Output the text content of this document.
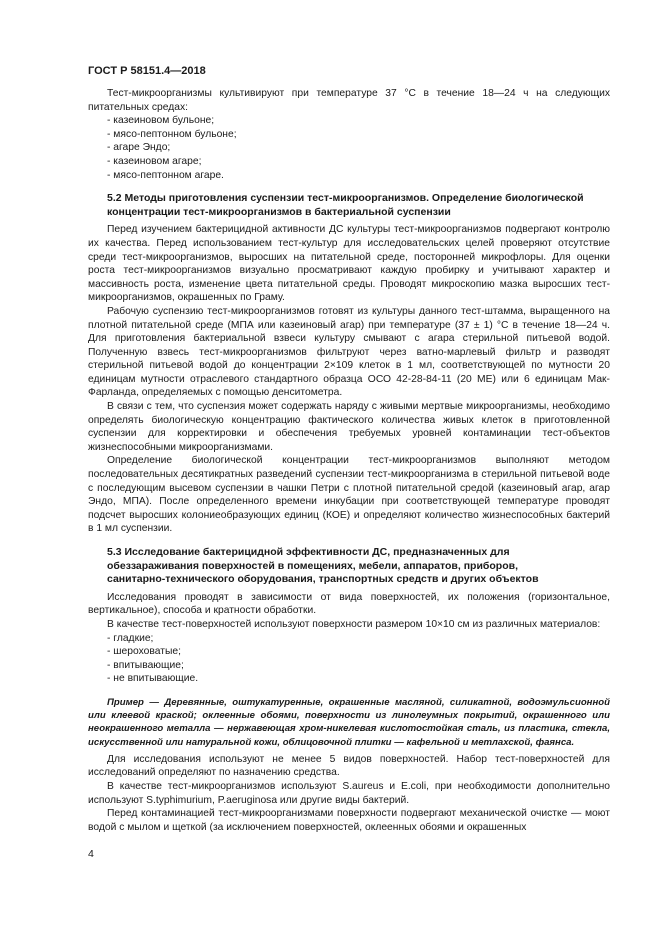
ГОСТ Р 58151.4—2018

Тест-микроорганизмы культивируют при температуре 37 °С в течение 18—24 ч на следующих питательных средах:

- казеиновом бульоне;
- мясо-пептонном бульоне;
- агаре Эндо;
- казеиновом агаре;
- мясо-пептонном агаре.
5.2 Методы приготовления суспензии тест-микроорганизмов. Определение биологической
концентрации тест-микроорганизмов в бактериальной суспензии

Перед изучением бактерицидной активности ДС культуры тест-микроорганизмов подвергают контролю их качества. Перед использованием тест-культур для исследовательских целей проверяют отсутствие среди тест-микроорганизмов, выросших на питательной среде, посторонней микрофлоры. Для оценки роста тест-микроорганизмов визуально просматривают каждую пробирку и учитывают характер и массивность роста, изменение цвета питательной среды. Проводят микроскопию мазка выросших тест-микроорганизмов, окрашенных по Граму.

Рабочую суспензию тест-микроорганизмов готовят из культуры данного тест-штамма, выращенного на плотной питательной среде (МПА или казеиновый агар) при температуре (37 ± 1) °С в течение 18—24 ч. Для приготовления бактериальной взвеси культуру смывают с агара стерильной питьевой водой. Полученную взвесь тест-микроорганизмов фильтруют через ватно-марлевый фильтр и разводят стерильной питьевой водой до концентрации 2×109 клеток в 1 мл, соответствующей по мутности 20 единицам мутности отраслевого стандартного образца ОСО 42-28-84-11 (20 МЕ) или 6 единицам Мак-Фарланда, определяемых с помощью денситометра.

В связи с тем, что суспензия может содержать наряду с живыми мертвые микроорганизмы, необходимо определять биологическую концентрацию фактического количества живых клеток в приготовленной суспензии для корректировки и обеспечения требуемых уровней контаминации тест-объектов жизнеспособными микроорганизмами.

Определение биологической концентрации тест-микроорганизмов выполняют методом последовательных десятикратных разведений суспензии тест-микроорганизма в стерильной питьевой воде с последующим высевом суспензии в чашки Петри с плотной питательной средой (казеиновый агар, агар Эндо, МПА). После определенного времени инкубации при соответствующей температуре проводят подсчет выросших колониеобразующих единиц (КОЕ) и определяют количество жизнеспособных бактерий в 1 мл суспензии.

5.3 Исследование бактерицидной эффективности ДС, предназначенных для
обеззараживания поверхностей в помещениях, мебели, аппаратов, приборов,
санитарно-технического оборудования, транспортных средств и других объектов

Исследования проводят в зависимости от вида поверхностей, их положения (горизонтальное, вертикальное), способа и кратности обработки.

В качестве тест-поверхностей используют поверхности размером 10×10 см из различных материалов:

- гладкие;
- шероховатые;
- впитывающие;
- не впитывающие.

Пример — Деревянные, оштукатуренные, окрашенные масляной, силикатной, водоэмульсионной или клеевой краской; оклеенные обоями, поверхности из линолеумных покрытий, окрашенного или неокрашенного металла — нержавеющая хром-никелевая кислотостойкая сталь, из пластика, стекла, искусственной или натуральной кожи, облицовочной плитки — кафельной и метлахской, фаянса.

Для исследования используют не менее 5 видов поверхностей. Набор тест-поверхностей для исследований определяют по назначению средства.

В качестве тест-микроорганизмов используют S.aureus и E.coli, при необходимости дополнительно используют S.typhimurium, P.aeruginosa или другие виды бактерий.

Перед контаминацией тест-микроорганизмами поверхности подвергают механической очистке — моют водой с мылом и щеткой (за исключением поверхностей, оклеенных обоями и окрашенных

4
